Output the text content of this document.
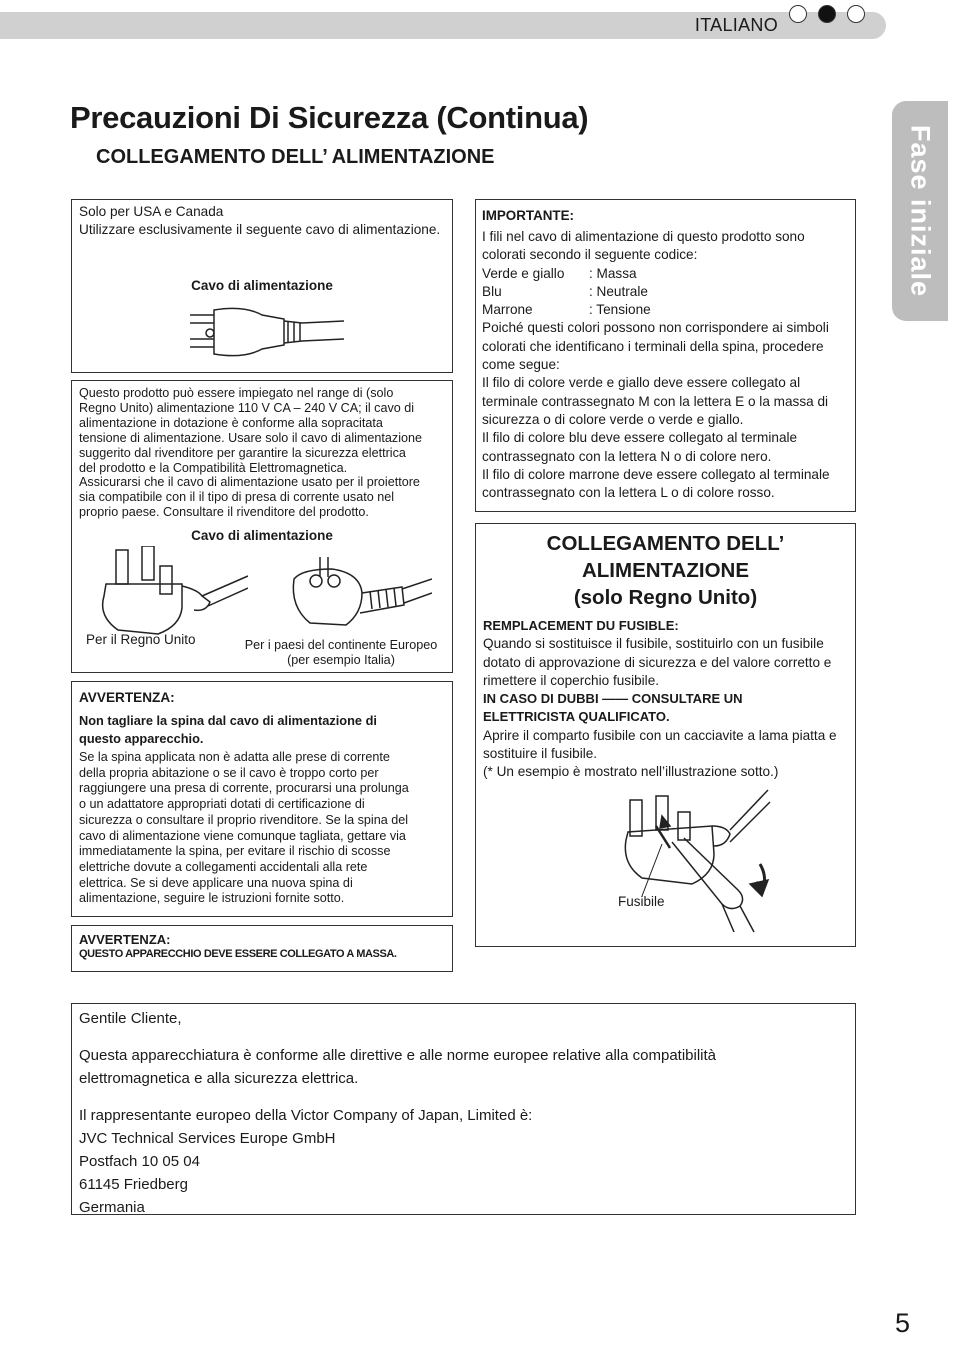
ITALIANO
Fase iniziale
Precauzioni Di Sicurezza (Continua)
COLLEGAMENTO DELL’ ALIMENTAZIONE
Solo per USA e Canada
Utilizzare esclusivamente il seguente cavo di alimentazione.
Cavo di alimentazione
Questo prodotto può essere impiegato nel range di (solo
Regno Unito) alimentazione 110 V CA – 240 V CA; il cavo di
alimentazione in dotazione è conforme alla sopracitata
tensione di alimentazione. Usare solo il cavo di alimentazione
suggerito dal rivenditore per garantire la sicurezza elettrica
del prodotto e la Compatibilità Elettromagnetica.
Assicurarsi che il cavo di alimentazione usato per il proiettore
sia compatibile con il il tipo di presa di corrente usato nel
proprio paese. Consultare il rivenditore del prodotto.
Cavo di alimentazione
Per il Regno Unito	Per i paesi del continente Europeo
(per esempio Italia)
AVVERTENZA:
Non tagliare la spina dal cavo di alimentazione di
questo apparecchio.
Se la spina applicata non è adatta alle prese di corrente
della propria abitazione o se il cavo è troppo corto per
raggiungere una presa di corrente, procurarsi una prolunga
o un adattatore appropriati dotati di certificazione di
sicurezza o consultare il proprio rivenditore. Se la spina del
cavo di alimentazione viene comunque tagliata, gettare via
immediatamente la spina, per evitare il rischio di scosse
elettriche dovute a collegamenti accidentali alla rete
elettrica. Se si deve applicare una nuova spina di
alimentazione, seguire le istruzioni fornite sotto.
AVVERTENZA:
QUESTO APPARECCHIO DEVE ESSERE COLLEGATO A MASSA.
IMPORTANTE:
I fili nel cavo di alimentazione di questo prodotto sono
colorati secondo il seguente codice:
Verde e giallo	: Massa
Blu	: Neutrale
Marrone	: Tensione
Poiché questi colori possono non corrispondere ai simboli
colorati che identificano i terminali della spina, procedere
come segue:
Il filo di colore verde e giallo deve essere collegato al
terminale contrassegnato M con la lettera E o la massa di
sicurezza o di colore verde o verde e giallo.
Il filo di colore blu deve essere collegato al terminale
contrassegnato con la lettera N o di colore nero.
Il filo di colore marrone deve essere collegato al terminale
contrassegnato con la lettera L o di colore rosso.
COLLEGAMENTO DELL’
ALIMENTAZIONE
(solo Regno Unito)
REMPLACEMENT DU FUSIBLE:
Quando si sostituisce il fusibile, sostituirlo con un fusibile
dotato di approvazione di sicurezza e del valore corretto e
rimettere il coperchio fusibile.
IN CASO DI DUBBI —— CONSULTARE UN
ELETTRICISTA QUALIFICATO.
Aprire il comparto fusibile con un cacciavite a lama piatta e
sostituire il fusibile.
(* Un esempio è mostrato nell’illustrazione sotto.)
Fusibile
Gentile Cliente,
Questa apparecchiatura è conforme alle direttive e alle norme europee relative alla compatibilità
elettromagnetica e alla sicurezza elettrica.
Il rappresentante europeo della Victor Company of Japan, Limited è:
JVC Technical Services Europe GmbH
Postfach 10 05 04
61145 Friedberg
Germania
5
